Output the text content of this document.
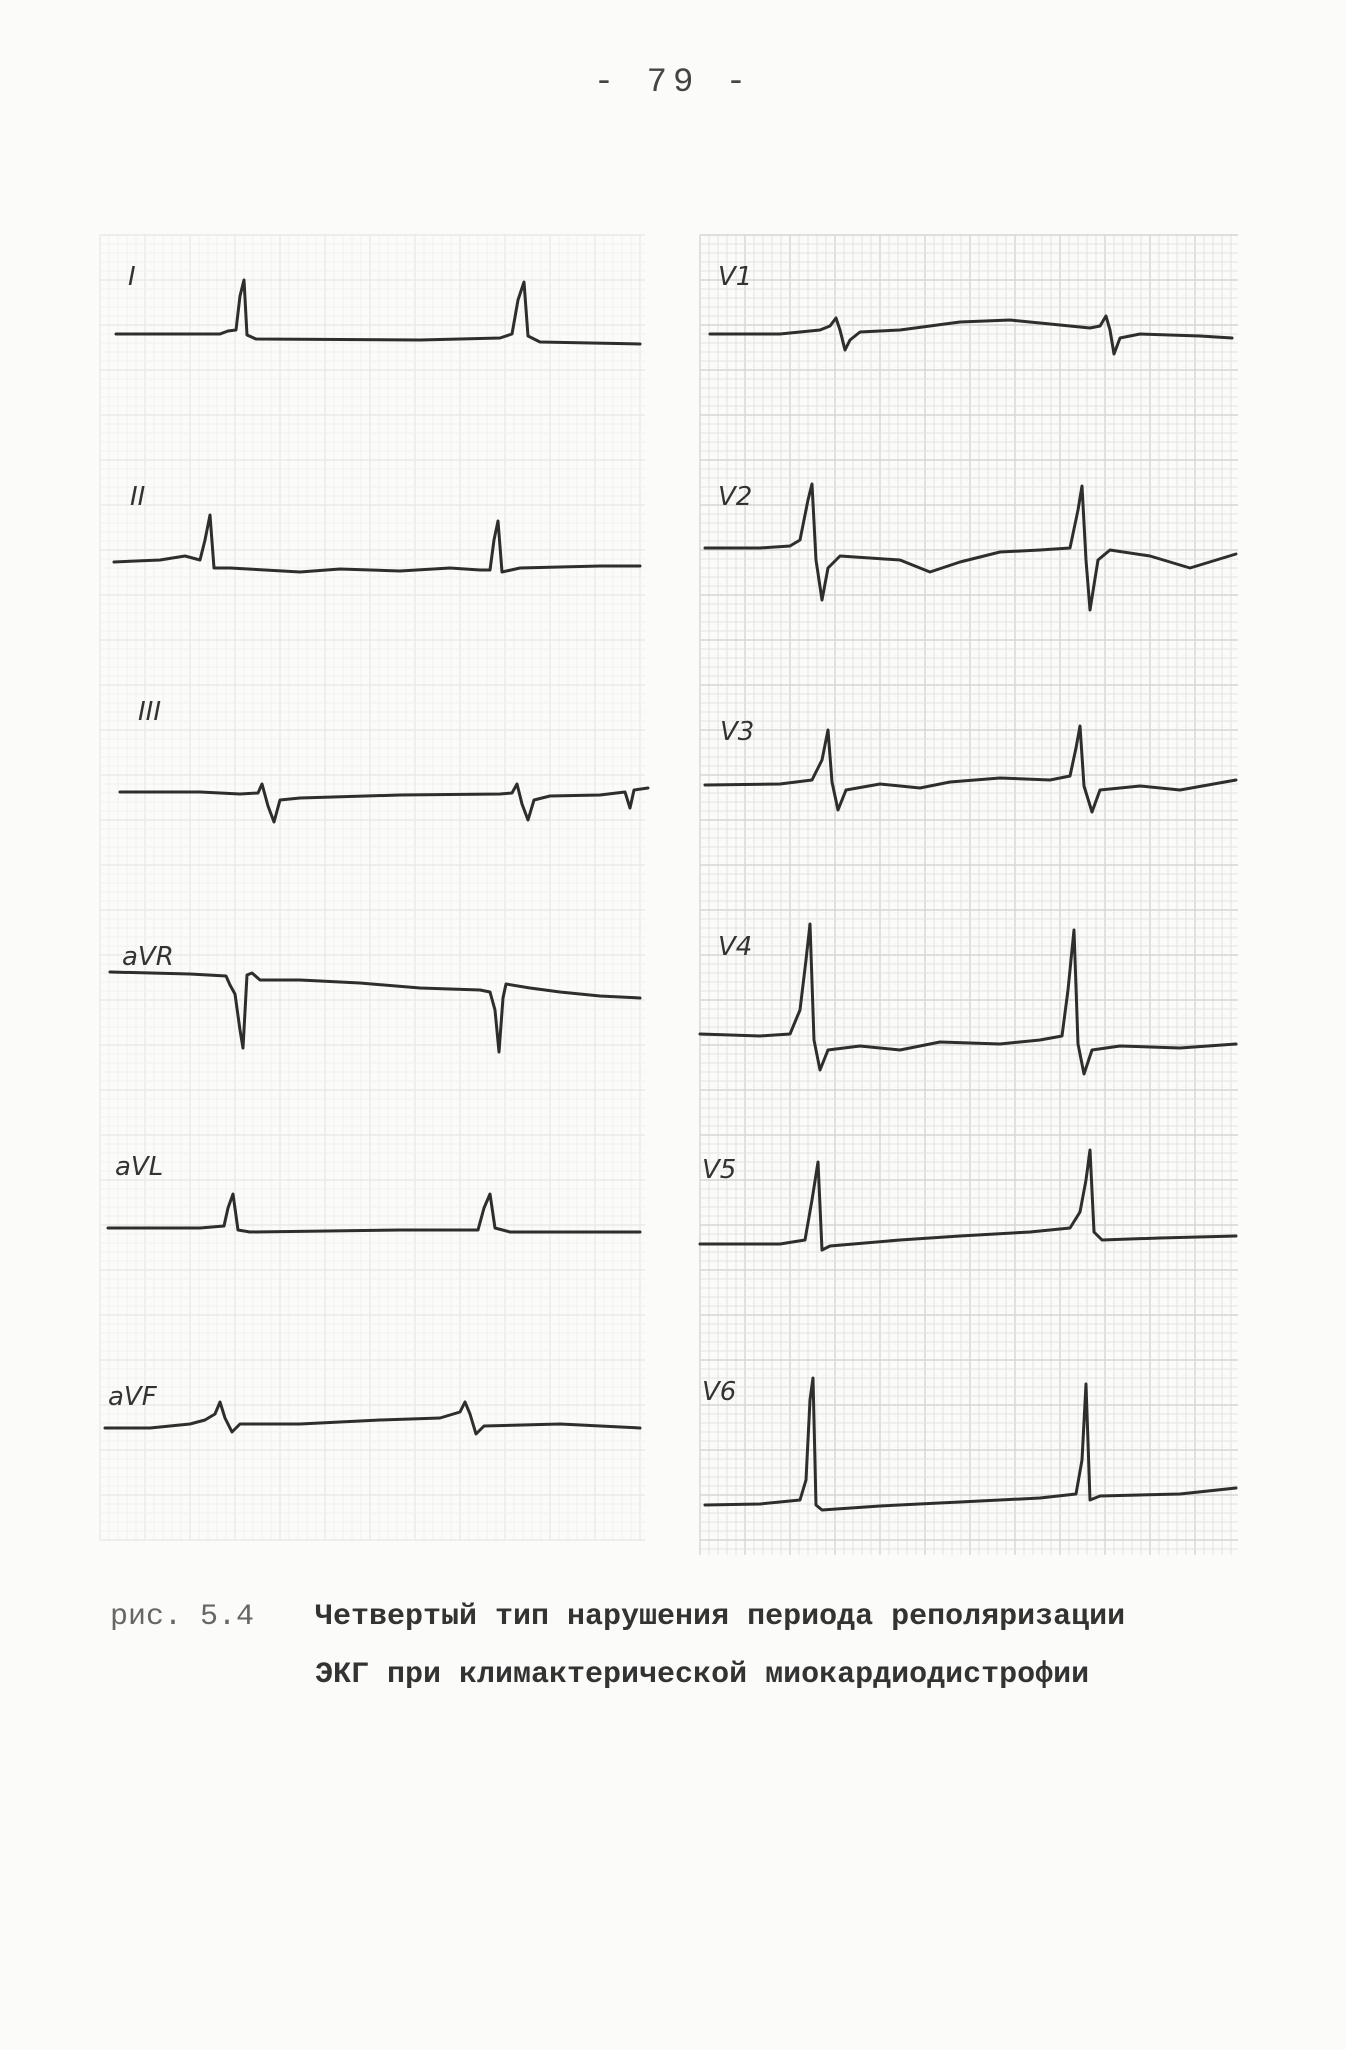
- 79 -
I
II
III
aVR
aVL
aVF
V1
V2
V3
V4
V5
V6
рис. 5.4 Четвертый тип нарушения периода реполяризации
ЭКГ при климактерической миокардиодистрофии
